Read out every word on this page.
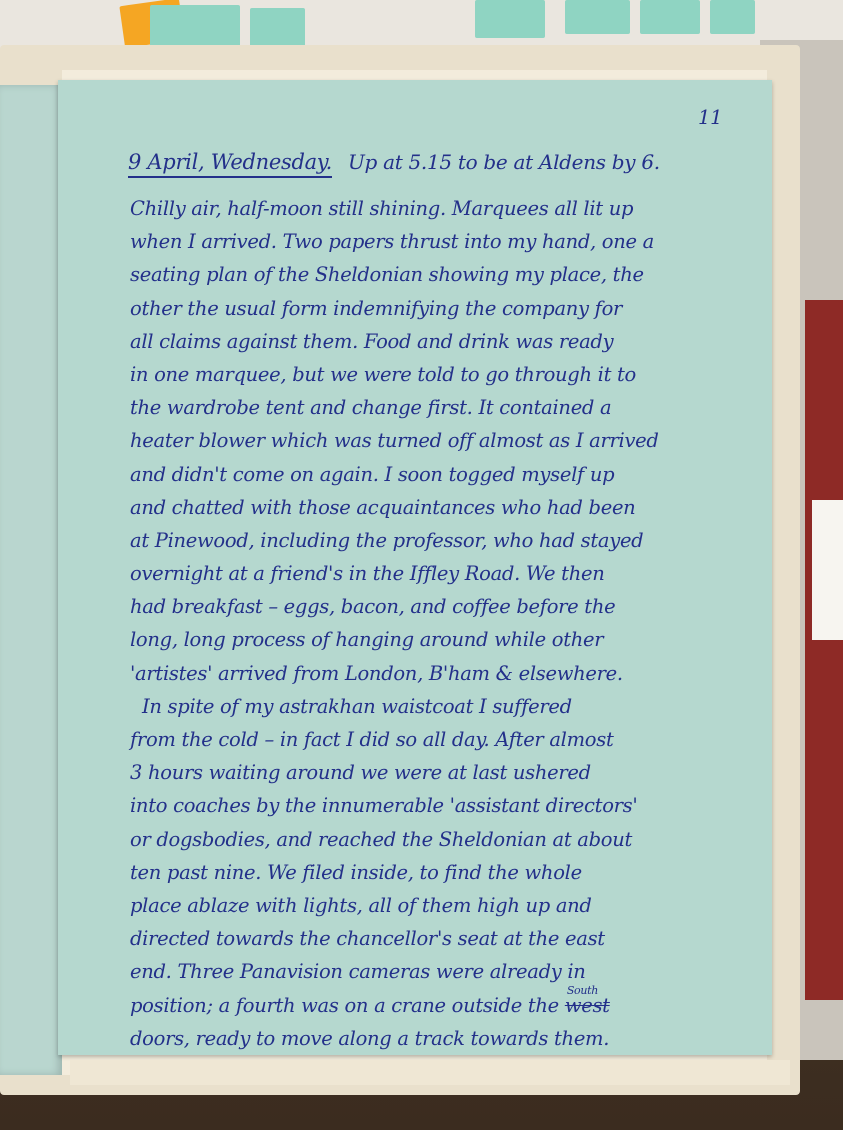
11
9 April, Wednesday. Up at 5.15 to be at Aldens by 6.
Chilly air, half-moon still shining. Marquees all lit up
when I arrived. Two papers thrust into my hand, one a
seating plan of the Sheldonian showing my place, the
other the usual form indemnifying the company for
all claims against them. Food and drink was ready
in one marquee, but we were told to go through it to
the wardrobe tent and change first. It contained a
heater blower which was turned off almost as I arrived
and didn't come on again. I soon togged myself up
and chatted with those acquaintances who had been
at Pinewood, including the professor, who had stayed
overnight at a friend's in the Iffley Road. We then
had breakfast – eggs, bacon, and coffee before the
long, long process of hanging around while other
'artistes' arrived from London, B'ham & elsewhere.
In spite of my astrakhan waistcoat I suffered
from the cold – in fact I did so all day. After almost
3 hours waiting around we were at last ushered
into coaches by the innumerable 'assistant directors'
or dogsbodies, and reached the Sheldonian at about
ten past nine. We filed inside, to find the whole
place ablaze with lights, all of them high up and
directed towards the chancellor's seat at the east
end. Three Panavision cameras were already in
position; a fourth was on a crane outside the
South
west
doors, ready to move along a track towards them.
